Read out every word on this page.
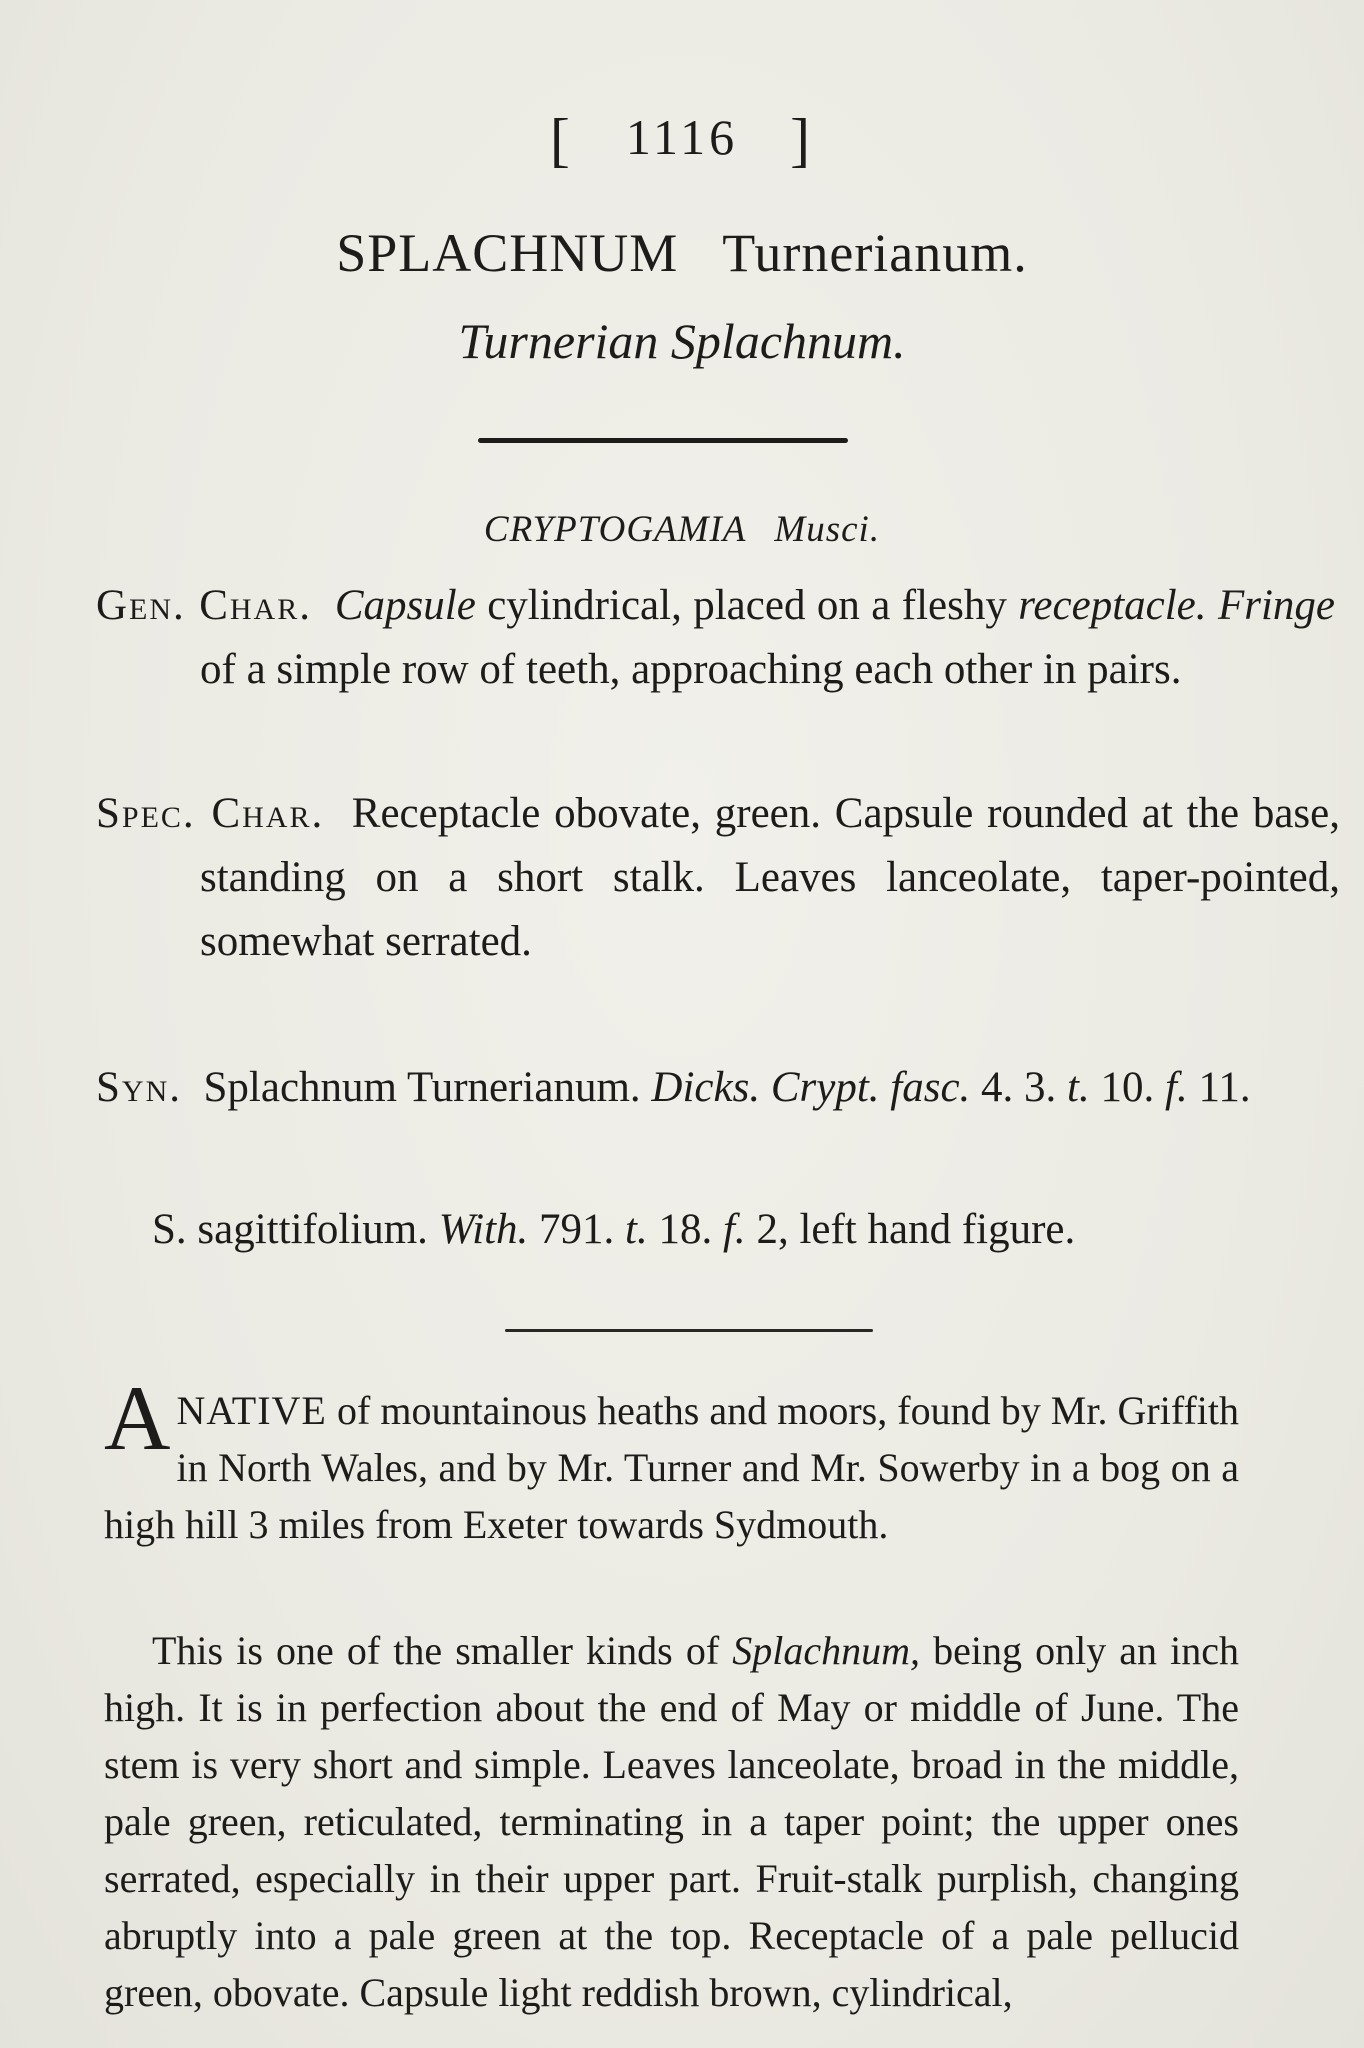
[ 1116 ]
SPLACHNUM Turnerianum.
Turnerian Splachnum.
CRYPTOGAMIA Musci.
Gen. Char. Capsule cylindrical, placed on a fleshy receptacle. Fringe of a simple row of teeth, approaching each other in pairs.
Spec. Char. Receptacle obovate, green. Capsule rounded at the base, standing on a short stalk. Leaves lanceolate, taper-pointed, somewhat serrated.
Syn. Splachnum Turnerianum. Dicks. Crypt. fasc. 4. 3. t. 10. f. 11.
S. sagittifolium. With. 791. t. 18. f. 2, left hand figure.
ANATIVE of mountainous heaths and moors, found by Mr. Griffith in North Wales, and by Mr. Turner and Mr. Sowerby in a bog on a high hill 3 miles from Exeter towards Sydmouth.
This is one of the smaller kinds of Splachnum, being only an inch high. It is in perfection about the end of May or middle of June. The stem is very short and simple. Leaves lanceolate, broad in the middle, pale green, reticulated, terminating in a taper point; the upper ones serrated, especially in their upper part. Fruit-stalk purplish, changing abruptly into a pale green at the top. Receptacle of a pale pellucid green, obovate. Capsule light reddish brown, cylindrical,
